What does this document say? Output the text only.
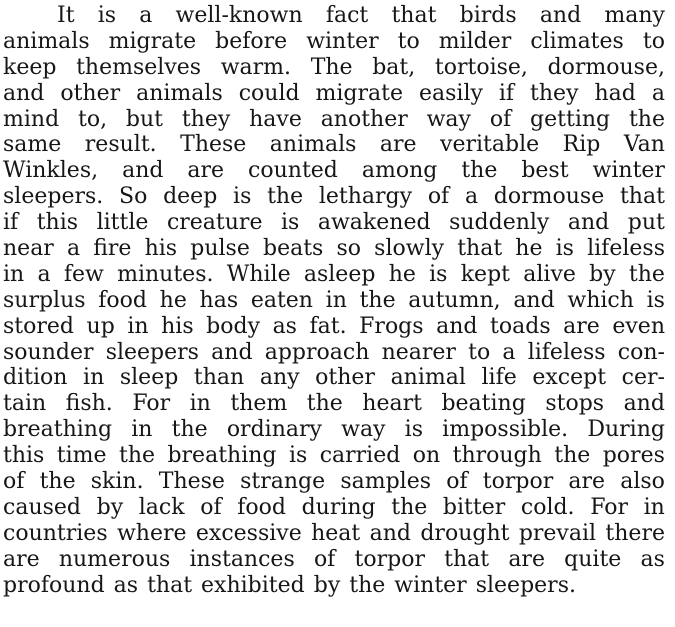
It is a well-known fact that birds and many
animals migrate before winter to milder climates to
keep themselves warm. The bat, tortoise, dormouse,
and other animals could migrate easily if they had a
mind to, but they have another way of getting the
same result. These animals are veritable Rip Van
Winkles, and are counted among the best winter
sleepers. So deep is the lethargy of a dormouse that
if this little creature is awakened suddenly and put
near a fire his pulse beats so slowly that he is lifeless
in a few minutes. While asleep he is kept alive by the
surplus food he has eaten in the autumn, and which is
stored up in his body as fat. Frogs and toads are even
sounder sleepers and approach nearer to a lifeless con-
dition in sleep than any other animal life except cer-
tain fish. For in them the heart beating stops and
breathing in the ordinary way is impossible. During
this time the breathing is carried on through the pores
of the skin. These strange samples of torpor are also
caused by lack of food during the bitter cold. For in
countries where excessive heat and drought prevail there
are numerous instances of torpor that are quite as
profound as that exhibited by the winter sleepers.
